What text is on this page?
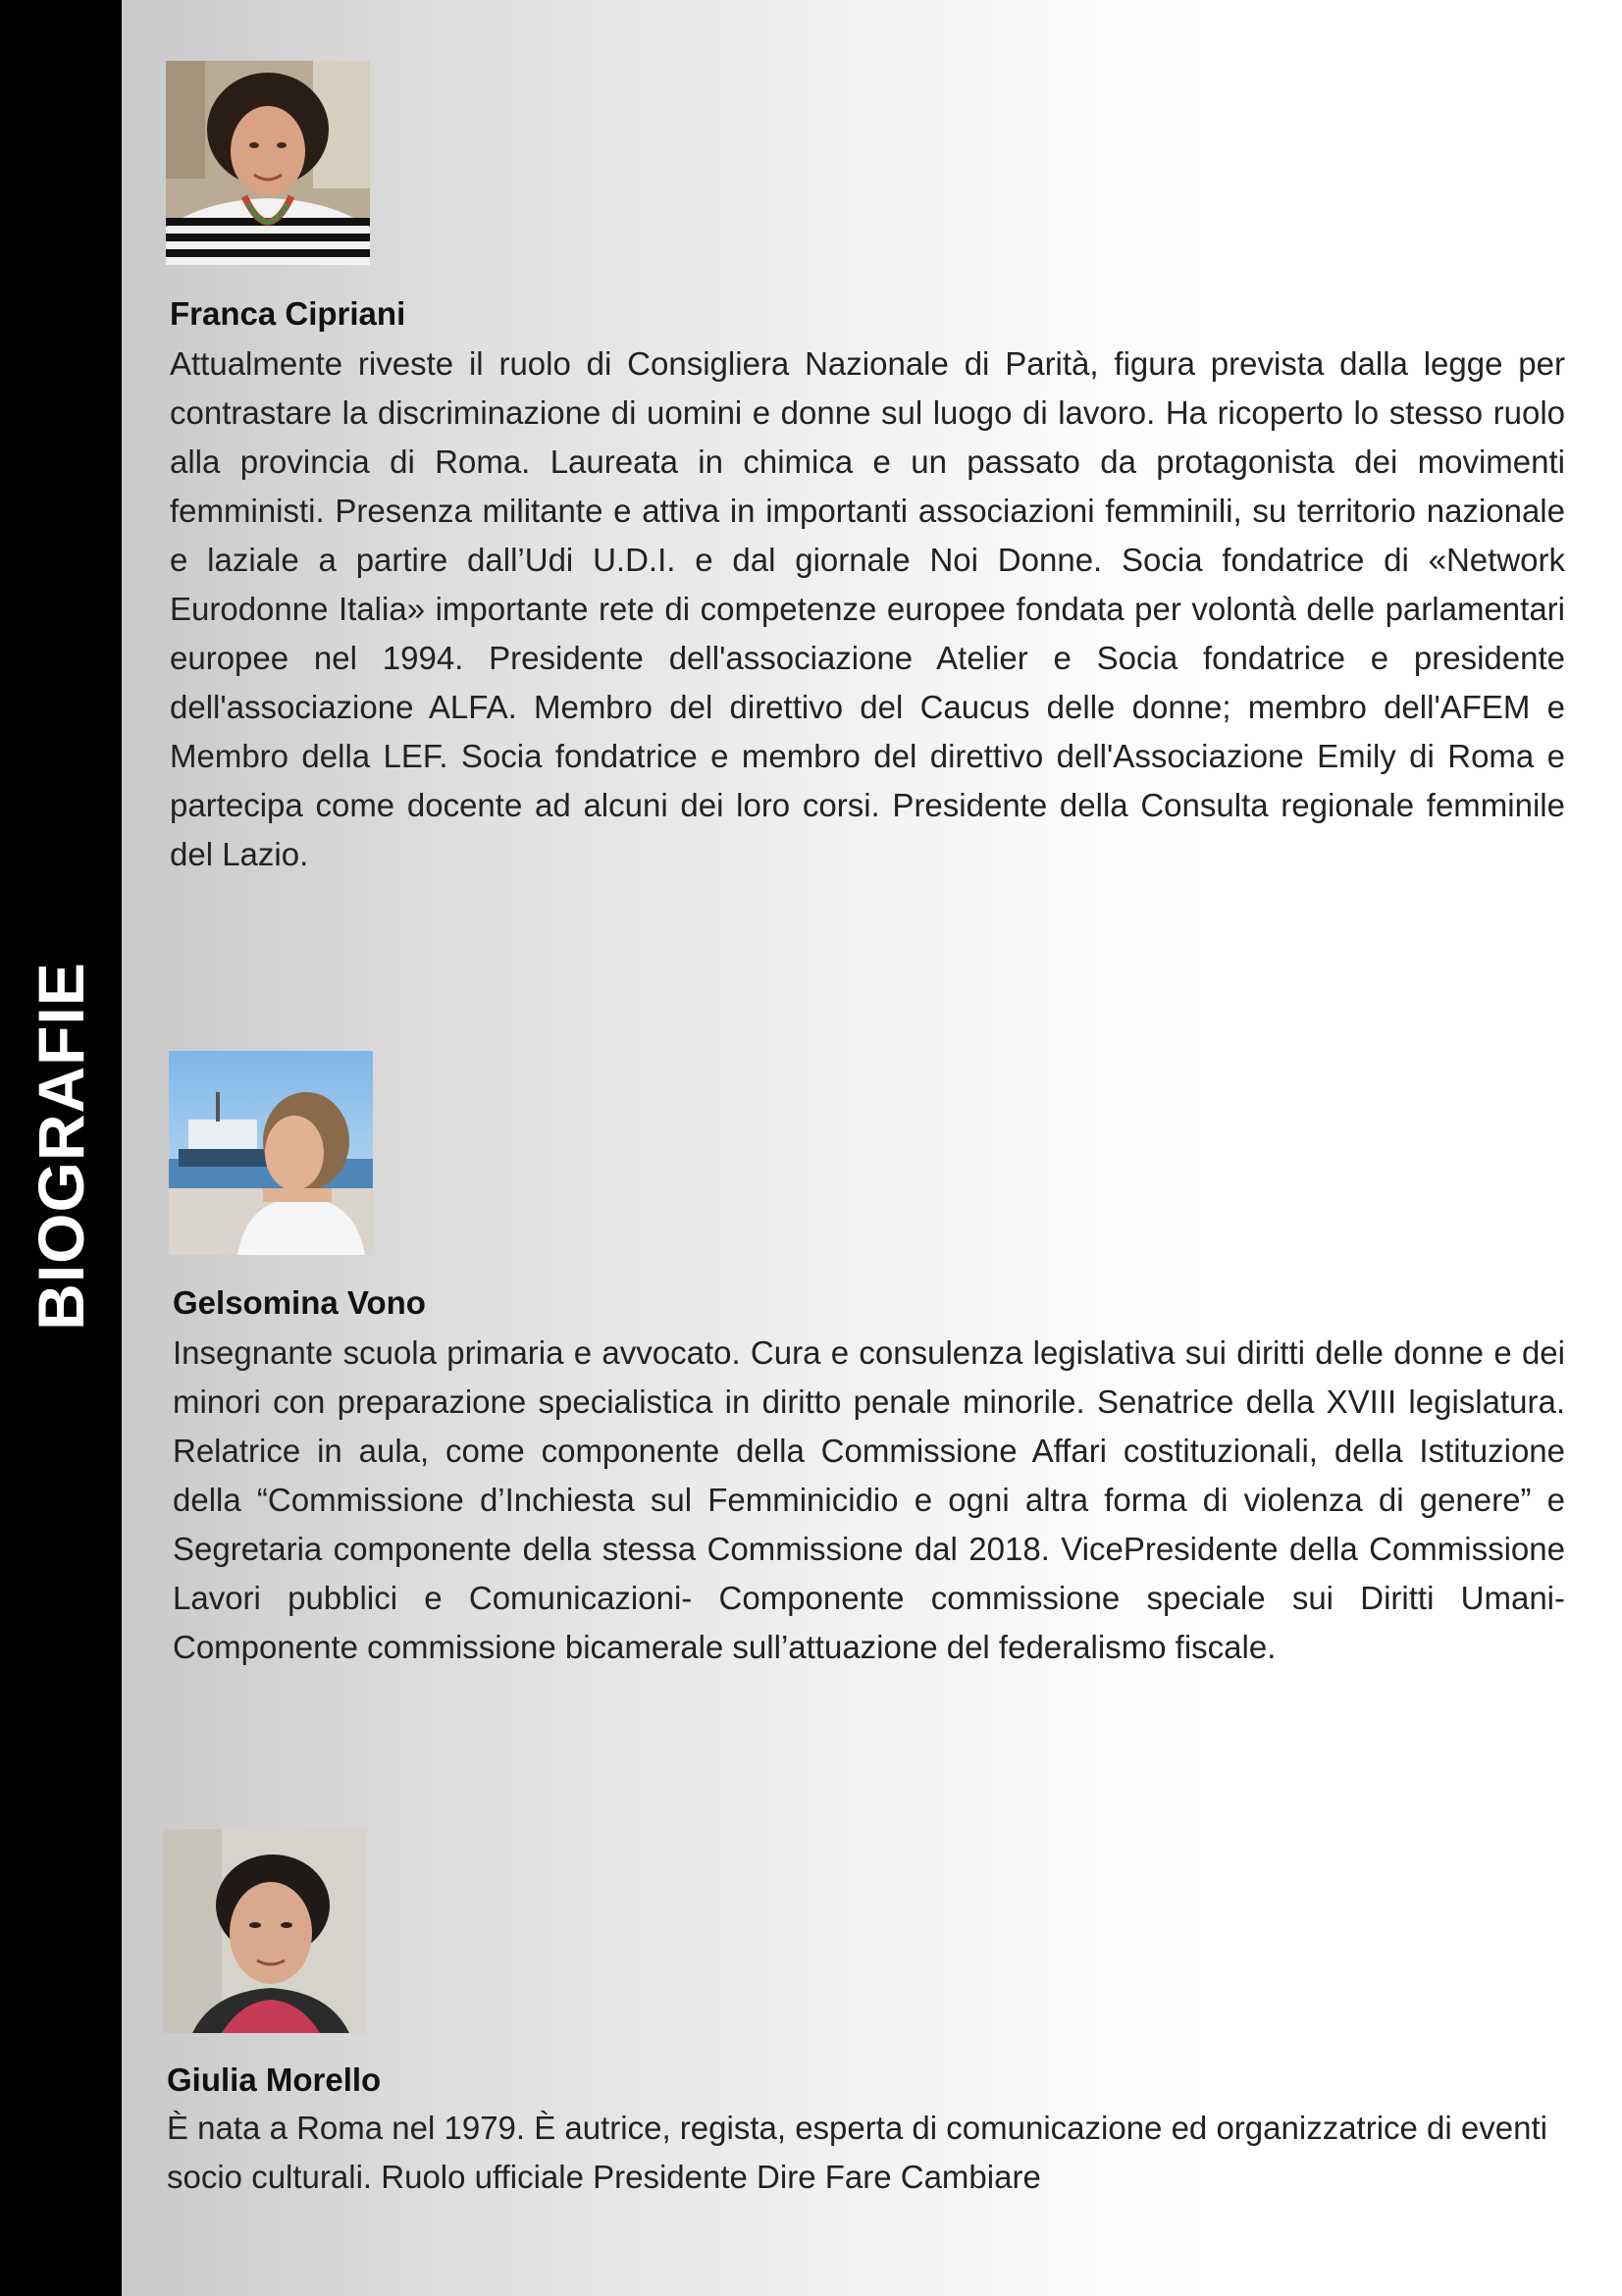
BIOGRAFIE
Franca Cipriani

Attualmente riveste il ruolo di Consigliera Nazionale di Parità, figura prevista dalla legge per contrastare la discriminazione di uomini e donne sul luogo di lavoro. Ha ricoperto lo stesso ruolo alla provincia di Roma. Laureata in chimica e un passato da protagonista dei movimenti femministi. Presenza militante e attiva in importanti associazioni femminili, su territorio nazionale e laziale a partire dall’Udi U.D.I. e dal giornale Noi Donne. Socia fondatrice di «Network Eurodonne Italia» importante rete di competenze europee fondata per volontà delle parlamentari europee nel 1994. Presidente dell'associazione Atelier e Socia fondatrice e presidente dell'associazione ALFA. Membro del direttivo del Caucus delle donne; membro dell'AFEM e Membro della LEF. Socia fondatrice e membro del direttivo dell'Associazione Emily di Roma e partecipa come docente ad alcuni dei loro corsi. Presidente della Consulta regionale femminile del Lazio.

Gelsomina Vono

Insegnante scuola primaria e avvocato. Cura e consulenza legislativa sui diritti delle donne e dei minori con preparazione specialistica in diritto penale minorile. Senatrice della XVIII legislatura. Relatrice in aula, come componente della Commissione Affari costituzionali, della Istituzione della “Commissione d’Inchiesta sul Femminicidio e ogni altra forma di violenza di genere” e Segretaria componente della stessa Commissione dal 2018. VicePresidente della Commissione Lavori pubblici e Comunicazioni- Componente commissione speciale sui Diritti Umani- Componente commissione bicamerale sull’attuazione del federalismo fiscale.

Giulia Morello

È nata a Roma nel 1979. È autrice, regista, esperta di comunicazione ed organizzatrice di eventi socio culturali. Ruolo ufficiale Presidente Dire Fare Cambiare
